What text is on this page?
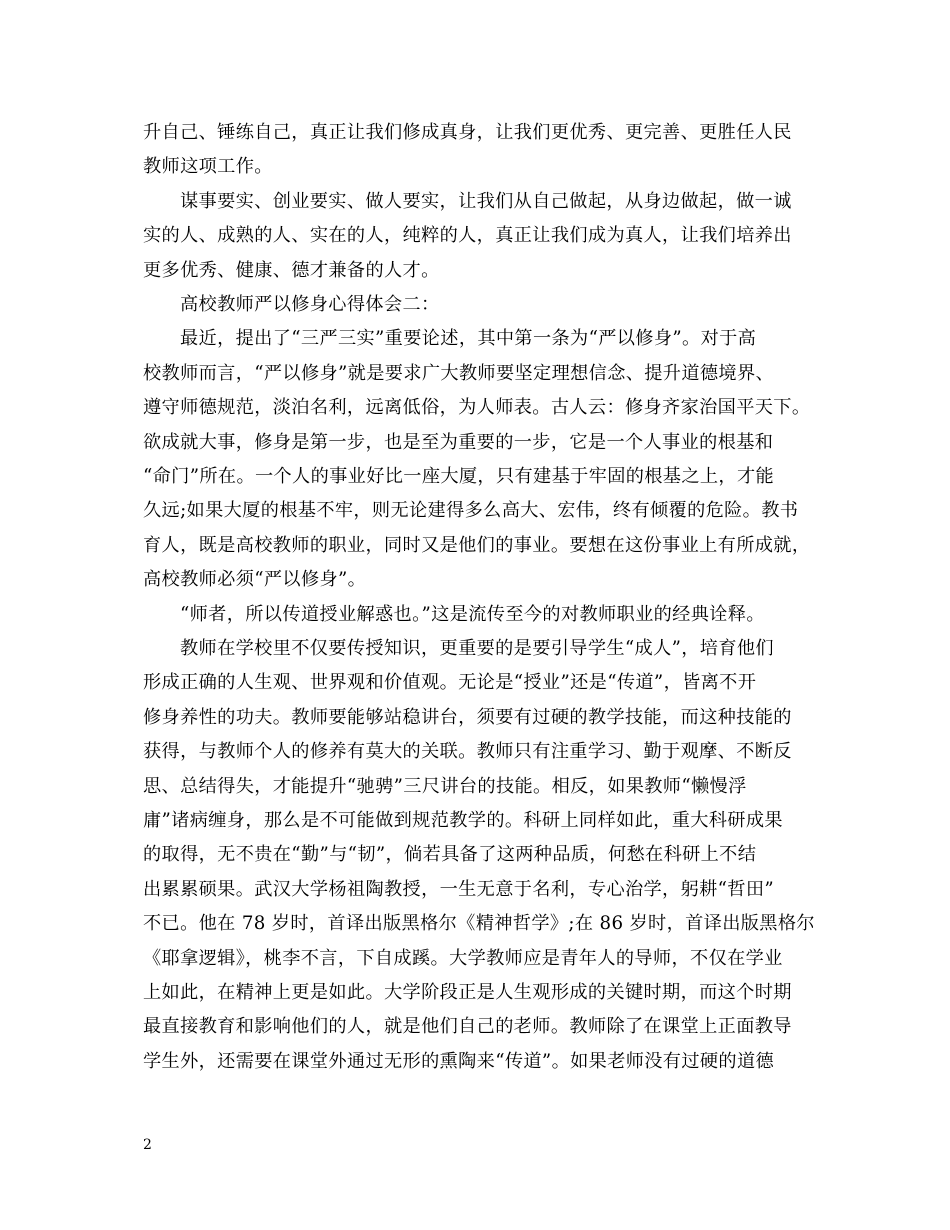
升自己、锤练自己，真正让我们修成真身，让我们更优秀、更完善、更胜任人民
教师这项工作。
谋事要实、创业要实、做人要实，让我们从自己做起，从身边做起，做一诚
实的人、成熟的人、实在的人，纯粹的人，真正让我们成为真人，让我们培养出
更多优秀、健康、德才兼备的人才。
高校教师严以修身心得体会二：
最近，提出了“三严三实”重要论述，其中第一条为“严以修身”。对于高
校教师而言，“严以修身”就是要求广大教师要坚定理想信念、提升道德境界、
遵守师德规范，淡泊名利，远离低俗，为人师表。古人云：修身齐家治国平天下。
欲成就大事，修身是第一步，也是至为重要的一步，它是一个人事业的根基和
“命门”所在。一个人的事业好比一座大厦，只有建基于牢固的根基之上，才能
久远;如果大厦的根基不牢，则无论建得多么高大、宏伟，终有倾覆的危险。教书
育人，既是高校教师的职业，同时又是他们的事业。要想在这份事业上有所成就，
高校教师必须“严以修身”。
“师者，所以传道授业解惑也。”这是流传至今的对教师职业的经典诠释。
教师在学校里不仅要传授知识，更重要的是要引导学生“成人”，培育他们
形成正确的人生观、世界观和价值观。无论是“授业”还是“传道”，皆离不开
修身养性的功夫。教师要能够站稳讲台，须要有过硬的教学技能，而这种技能的
获得，与教师个人的修养有莫大的关联。教师只有注重学习、勤于观摩、不断反
思、总结得失，才能提升“驰骋”三尺讲台的技能。相反，如果教师“懒慢浮
庸”诸病缠身，那么是不可能做到规范教学的。科研上同样如此，重大科研成果
的取得，无不贵在“勤”与“韧”，倘若具备了这两种品质，何愁在科研上不结
出累累硕果。武汉大学杨祖陶教授，一生无意于名利，专心治学，躬耕“哲田”
不已。他在 78 岁时，首译出版黑格尔《精神哲学》;在 86 岁时，首译出版黑格尔
《耶拿逻辑》，桃李不言，下自成蹊。大学教师应是青年人的导师，不仅在学业
上如此，在精神上更是如此。大学阶段正是人生观形成的关键时期，而这个时期
最直接教育和影响他们的人，就是他们自己的老师。教师除了在课堂上正面教导
学生外，还需要在课堂外通过无形的熏陶来“传道”。如果老师没有过硬的道德
2
